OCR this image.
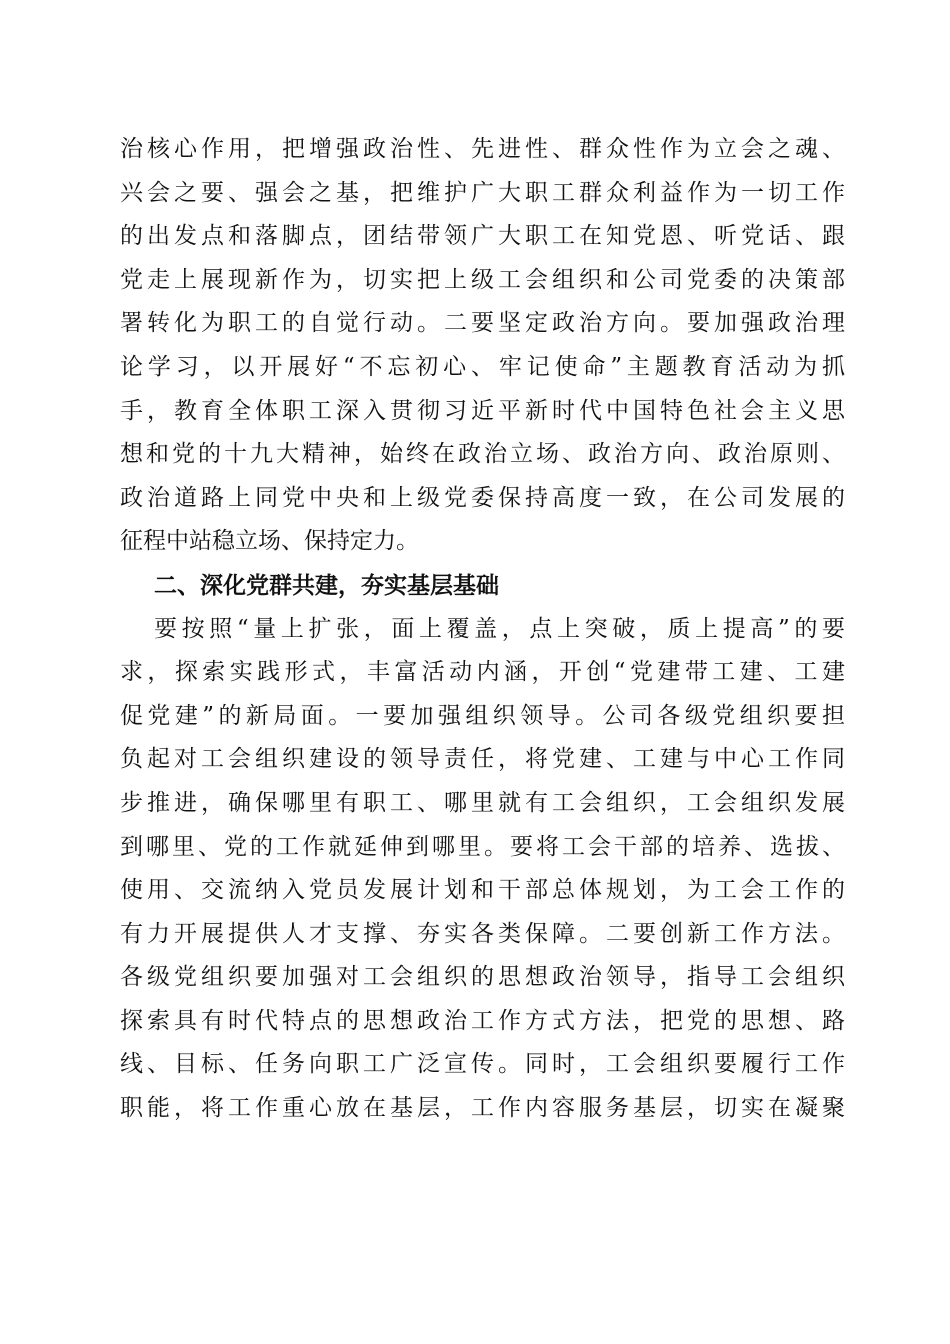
治核心作用，把增强政治性、先进性、群众性作为立会之魂、
兴会之要、强会之基，把维护广大职工群众利益作为一切工作
的出发点和落脚点，团结带领广大职工在知党恩、听党话、跟
党走上展现新作为，切实把上级工会组织和公司党委的决策部
署转化为职工的自觉行动。二要坚定政治方向。要加强政治理
论学习，以开展好“不忘初心、牢记使命”主题教育活动为抓
手，教育全体职工深入贯彻习近平新时代中国特色社会主义思
想和党的十九大精神，始终在政治立场、政治方向、政治原则、
政治道路上同党中央和上级党委保持高度一致，在公司发展的
征程中站稳立场、保持定力。
二、深化党群共建，夯实基层基础
要按照“量上扩张，面上覆盖，点上突破，质上提高”的要
求，探索实践形式，丰富活动内涵，开创“党建带工建、工建
促党建”的新局面。一要加强组织领导。公司各级党组织要担
负起对工会组织建设的领导责任，将党建、工建与中心工作同
步推进，确保哪里有职工、哪里就有工会组织，工会组织发展
到哪里、党的工作就延伸到哪里。要将工会干部的培养、选拔、
使用、交流纳入党员发展计划和干部总体规划，为工会工作的
有力开展提供人才支撑、夯实各类保障。二要创新工作方法。
各级党组织要加强对工会组织的思想政治领导，指导工会组织
探索具有时代特点的思想政治工作方式方法，把党的思想、路
线、目标、任务向职工广泛宣传。同时，工会组织要履行工作
职能，将工作重心放在基层，工作内容服务基层，切实在凝聚
